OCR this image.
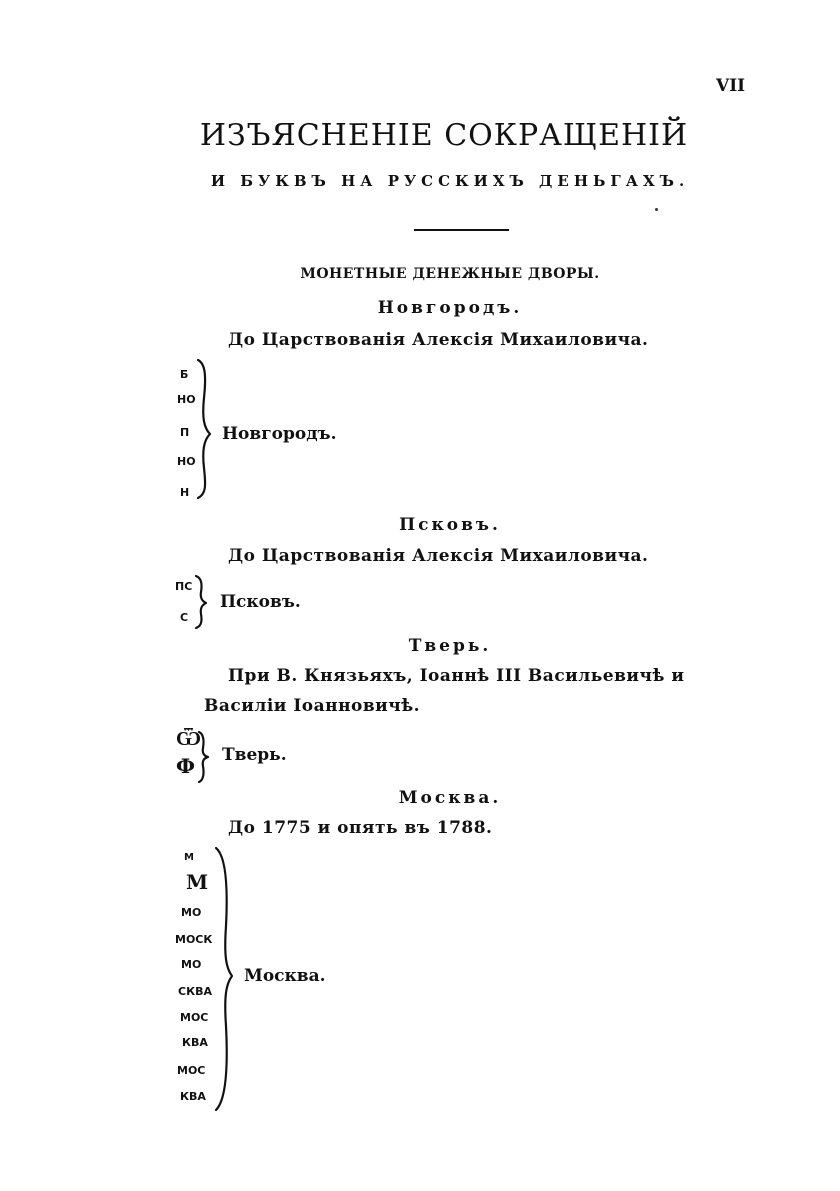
VII
ИЗЪЯСНЕНІЕ СОКРАЩЕНІЙ
И БУКВЪ НА РУССКИХЪ ДЕНЬГАХЪ.
МОНЕТНЫЕ ДЕНЕЖНЫЕ ДВОРЫ.
Новгородъ.
До Царствованія Алексія Михаиловича.
Б
НО
П
НО
Н
Новгородъ.
Псковъ.
До Царствованія Алексія Михаиловича.
ПС
С
Псковъ.
Тверь.
При В. Князьяхъ, Іоаннѣ III Васильевичѣ и
Василіи Іоанновичѣ.
Ѿ
Ф Тверь.
Москва.
До 1775 и опять въ 1788.
М
М
МО
МОСК
МО
СКВА
МОС
КВА
МОС
КВА
Москва.
